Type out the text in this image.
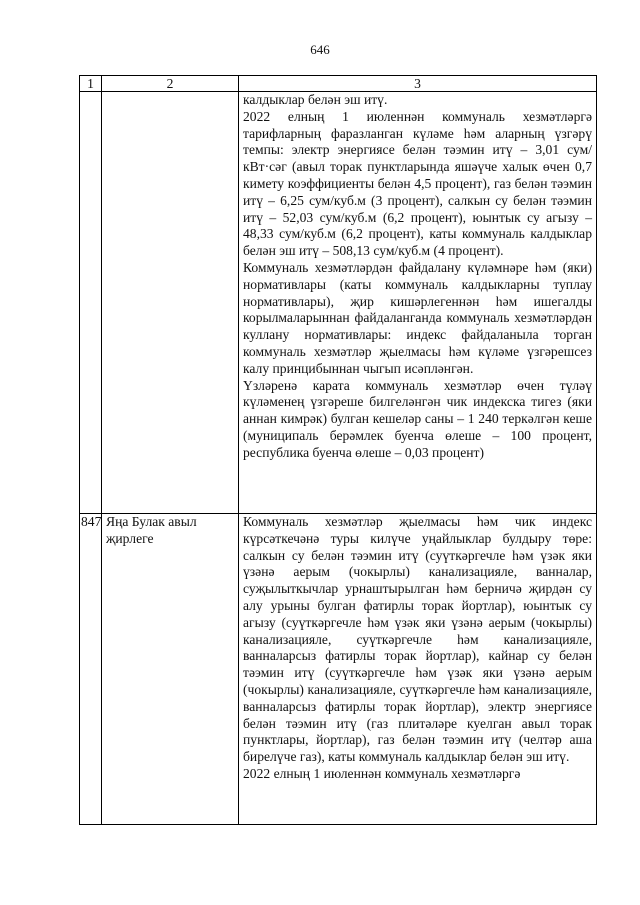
646
1	2	3

		калдыклар белән эш итү.

2022 елның 1 июленнән коммуналь хезмәтләргә тарифларның фаразланган күләме һәм аларның үзгәрү темпы: электр энергиясе белән тәэмин итү – 3,01 сум/кВт·сәг (авыл торак пунктларында яшәүче халык өчен 0,7 кимету коэффициенты белән 4,5 процент), газ белән тәэмин итү – 6,25 сум/куб.м (3 процент), салкын су белән тәэмин итү – 52,03 сум/куб.м (6,2 процент), юынтык су агызу – 48,33 сум/куб.м (6,2 процент), каты коммуналь калдыклар белән эш итү – 508,13 сум/куб.м (4 процент).

Коммуналь хезмәтләрдән файдалану күләмнәре һәм (яки) нормативлары (каты коммуналь калдыкларны туплау нормативлары), җир кишәрлегеннән һәм ишегалды корылмаларыннан файдаланганда коммуналь хезмәтләрдән куллану нормативлары: индекс файдаланыла торган коммуналь хезмәтләр җыелмасы һәм күләме үзгәрешсез калу принцибыннан чыгып исәпләнгән.

Үзләренә карата коммуналь хезмәтләр өчен түләү күләменең үзгәреше билгеләнгән чик индекска тигез (яки аннан кимрәк) булган кешеләр саны – 1 240 теркәлгән кеше (муниципаль берәмлек буенча өлеше – 100 процент, республика буенча өлеше – 0,03 процент)

847	Яңа Булак авыл җирлеге	Коммуналь хезмәтләр җыелмасы һәм чик индекс күрсәткечәнә туры килүче уңайлыклар булдыру төре: салкын су белән тәэмин итү (суүткәргечле һәм үзәк яки үзәнә аерым (чокырлы) канализацияле, ванналар, суҗылыткычлар урнаштырылган һәм берничә җирдән су алу урыны булган фатирлы торак йортлар), юынтык су агызу (суүткәргечле һәм үзәк яки үзәнә аерым (чокырлы) канализацияле, суүткәргечле һәм канализацияле, ванналарсыз фатирлы торак йортлар), кайнар су белән тәэмин итү (суүткәргечле һәм үзәк яки үзәнә аерым (чокырлы) канализацияле, суүткәргечле һәм канализацияле, ванналарсыз фатирлы торак йортлар), электр энергиясе белән тәэмин итү (газ плитәләре куелган авыл торак пунктлары, йортлар), газ белән тәэмин итү (челтәр аша бирелүче газ), каты коммуналь калдыклар белән эш итү.

2022 елның 1 июленнән коммуналь хезмәтләргә
